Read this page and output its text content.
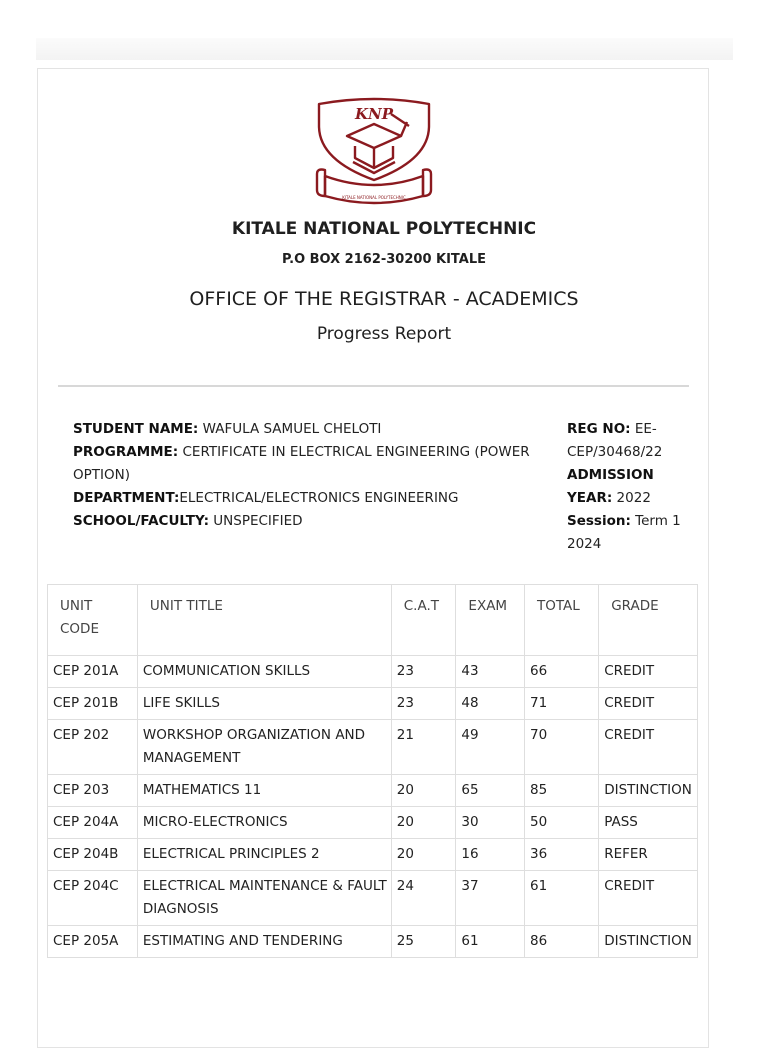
KNP
KITALE NATIONAL POLYTECHNIC
KITALE NATIONAL POLYTECHNIC
P.O BOX 2162-30200 KITALE
OFFICE OF THE REGISTRAR - ACADEMICS
Progress Report
STUDENT NAME: WAFULA SAMUEL CHELOTI
PROGRAMME: CERTIFICATE IN ELECTRICAL ENGINEERING (POWER OPTION)
DEPARTMENT:ELECTRICAL/ELECTRONICS ENGINEERING
SCHOOL/FACULTY: UNSPECIFIED
REG NO: EE-CEP/30468/22
ADMISSION YEAR: 2022
Session: Term 1 2024
UNIT CODE	UNIT TITLE	C.A.T	EXAM	TOTAL	GRADE
CEP 201A	COMMUNICATION SKILLS	23	43	66	CREDIT
CEP 201B	LIFE SKILLS	23	48	71	CREDIT
CEP 202	WORKSHOP ORGANIZATION AND MANAGEMENT	21	49	70	CREDIT
CEP 203	MATHEMATICS 11	20	65	85	DISTINCTION
CEP 204A	MICRO-ELECTRONICS	20	30	50	PASS
CEP 204B	ELECTRICAL PRINCIPLES 2	20	16	36	REFER
CEP 204C	ELECTRICAL MAINTENANCE & FAULT DIAGNOSIS	24	37	61	CREDIT
CEP 205A	ESTIMATING AND TENDERING	25	61	86	DISTINCTION
